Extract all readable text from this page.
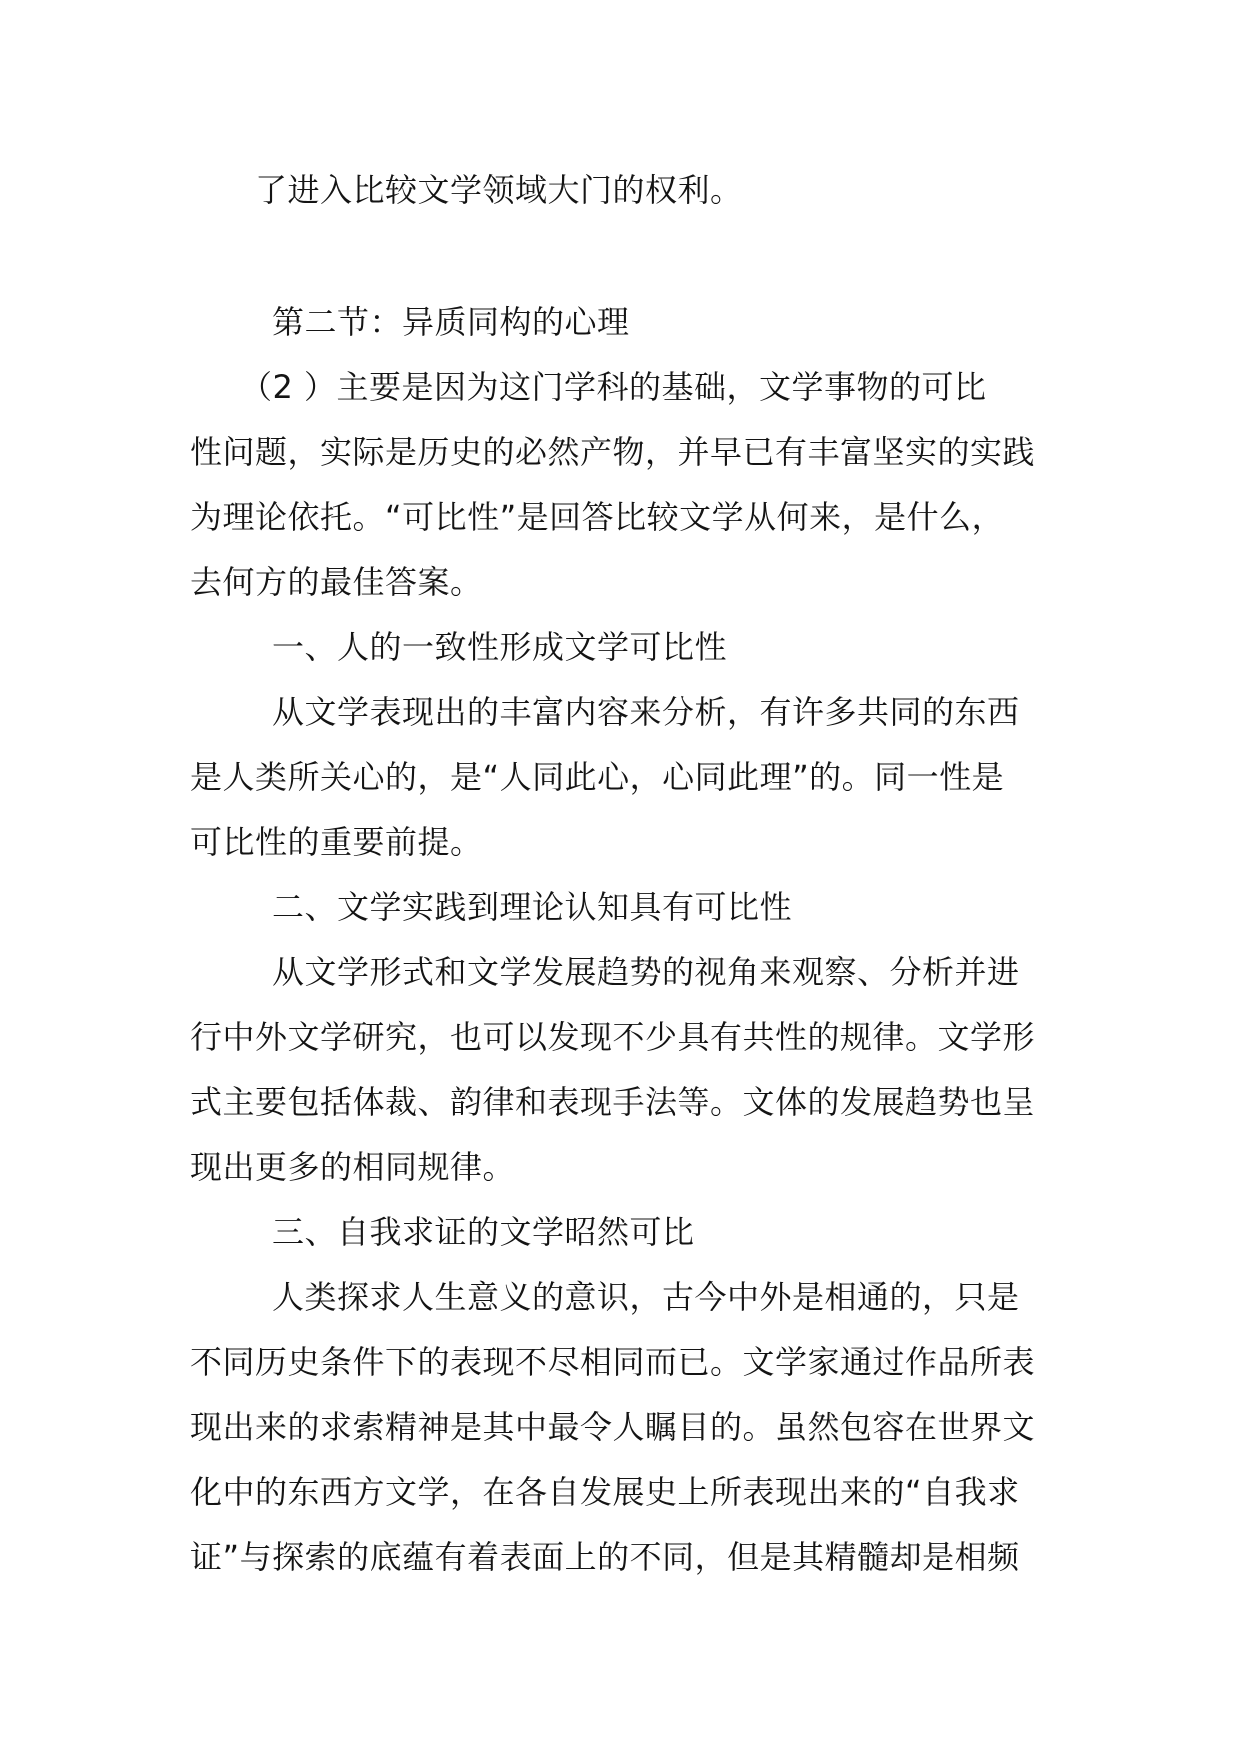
了进入比较文学领域大门的权利。
第二节：异质同构的心理
（2 ）主要是因为这门学科的基础，文学事物的可比
性问题，实际是历史的必然产物，并早已有丰富坚实的实践
为理论依托。“可比性”是回答比较文学从何来，是什么，
去何方的最佳答案。
一、人的一致性形成文学可比性
从文学表现出的丰富内容来分析，有许多共同的东西
是人类所关心的，是“人同此心，心同此理”的。同一性是
可比性的重要前提。
二、文学实践到理论认知具有可比性
从文学形式和文学发展趋势的视角来观察、分析并进
行中外文学研究，也可以发现不少具有共性的规律。文学形
式主要包括体裁、韵律和表现手法等。文体的发展趋势也呈
现出更多的相同规律。
三、自我求证的文学昭然可比
人类探求人生意义的意识，古今中外是相通的，只是
不同历史条件下的表现不尽相同而已。文学家通过作品所表
现出来的求索精神是其中最令人瞩目的。虽然包容在世界文
化中的东西方文学，在各自发展史上所表现出来的“自我求
证”与探索的底蕴有着表面上的不同，但是其精髓却是相频
